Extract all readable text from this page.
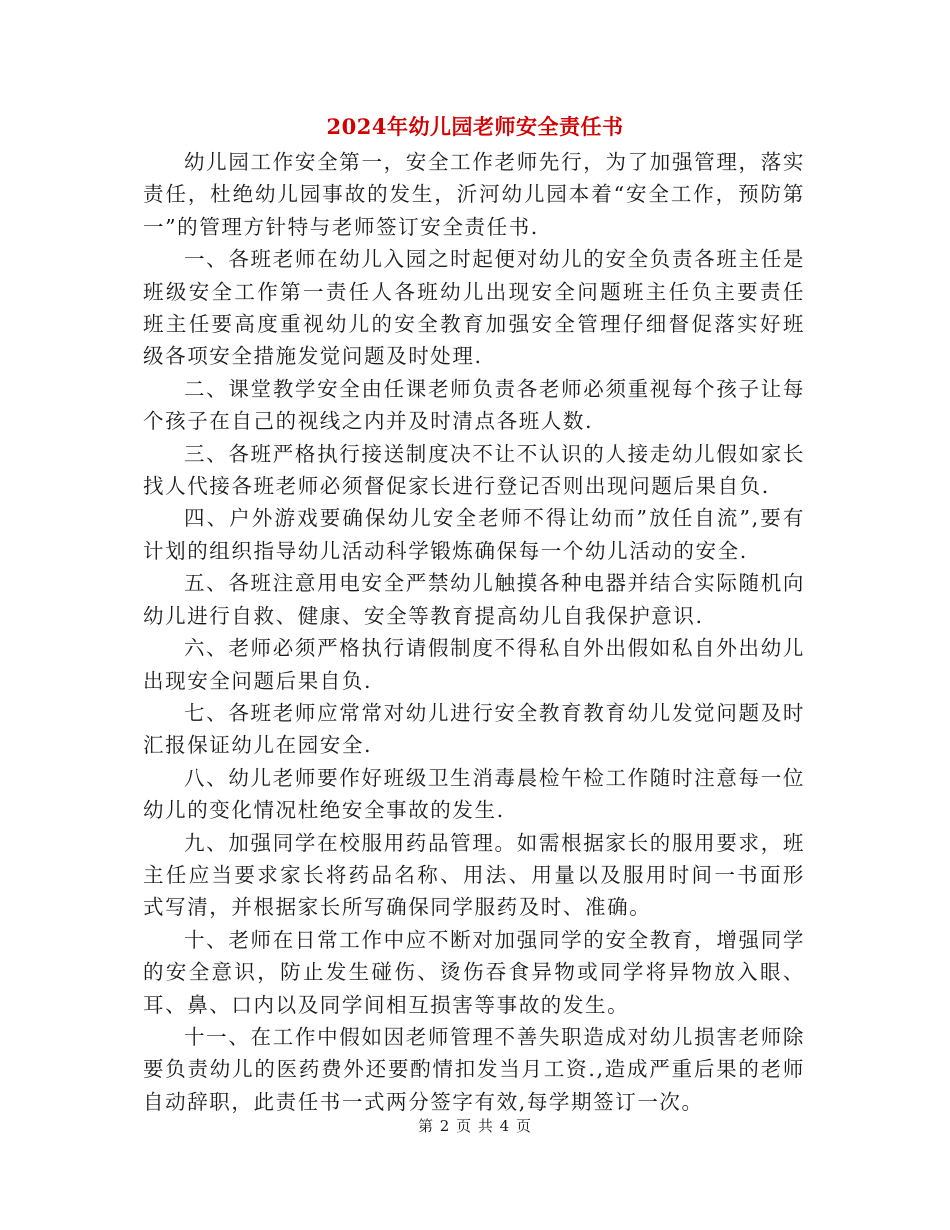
2024年幼儿园老师安全责任书

幼儿园工作安全第一，安全工作老师先行，为了加强管理，落实责任，杜绝幼儿园事故的发生，沂河幼儿园本着“安全工作，预防第一”的管理方针特与老师签订安全责任书.

一、各班老师在幼儿入园之时起便对幼儿的安全负责各班主任是班级安全工作第一责任人各班幼儿出现安全问题班主任负主要责任班主任要高度重视幼儿的安全教育加强安全管理仔细督促落实好班级各项安全措施发觉问题及时处理.

二、课堂教学安全由任课老师负责各老师必须重视每个孩子让每个孩子在自己的视线之内并及时清点各班人数.

三、各班严格执行接送制度决不让不认识的人接走幼儿假如家长找人代接各班老师必须督促家长进行登记否则出现问题后果自负.

四、户外游戏要确保幼儿安全老师不得让幼而”放任自流”,要有计划的组织指导幼儿活动科学锻炼确保每一个幼儿活动的安全.

五、各班注意用电安全严禁幼儿触摸各种电器并结合实际随机向幼儿进行自救、健康、安全等教育提高幼儿自我保护意识.

六、老师必须严格执行请假制度不得私自外出假如私自外出幼儿出现安全问题后果自负.

七、各班老师应常常对幼儿进行安全教育教育幼儿发觉问题及时汇报保证幼儿在园安全.

八、幼儿老师要作好班级卫生消毒晨检午检工作随时注意每一位幼儿的变化情况杜绝安全事故的发生.

九、加强同学在校服用药品管理。如需根据家长的服用要求，班主任应当要求家长将药品名称、用法、用量以及服用时间一书面形式写清，并根据家长所写确保同学服药及时、准确。

十、老师在日常工作中应不断对加强同学的安全教育，增强同学的安全意识，防止发生碰伤、烫伤吞食异物或同学将异物放入眼、耳、鼻、口内以及同学间相互损害等事故的发生。

十一、在工作中假如因老师管理不善失职造成对幼儿损害老师除要负责幼儿的医药费外还要酌情扣发当月工资.,造成严重后果的老师自动辞职，此责任书一式两分签字有效,每学期签订一次。

第 2 页 共 4 页
